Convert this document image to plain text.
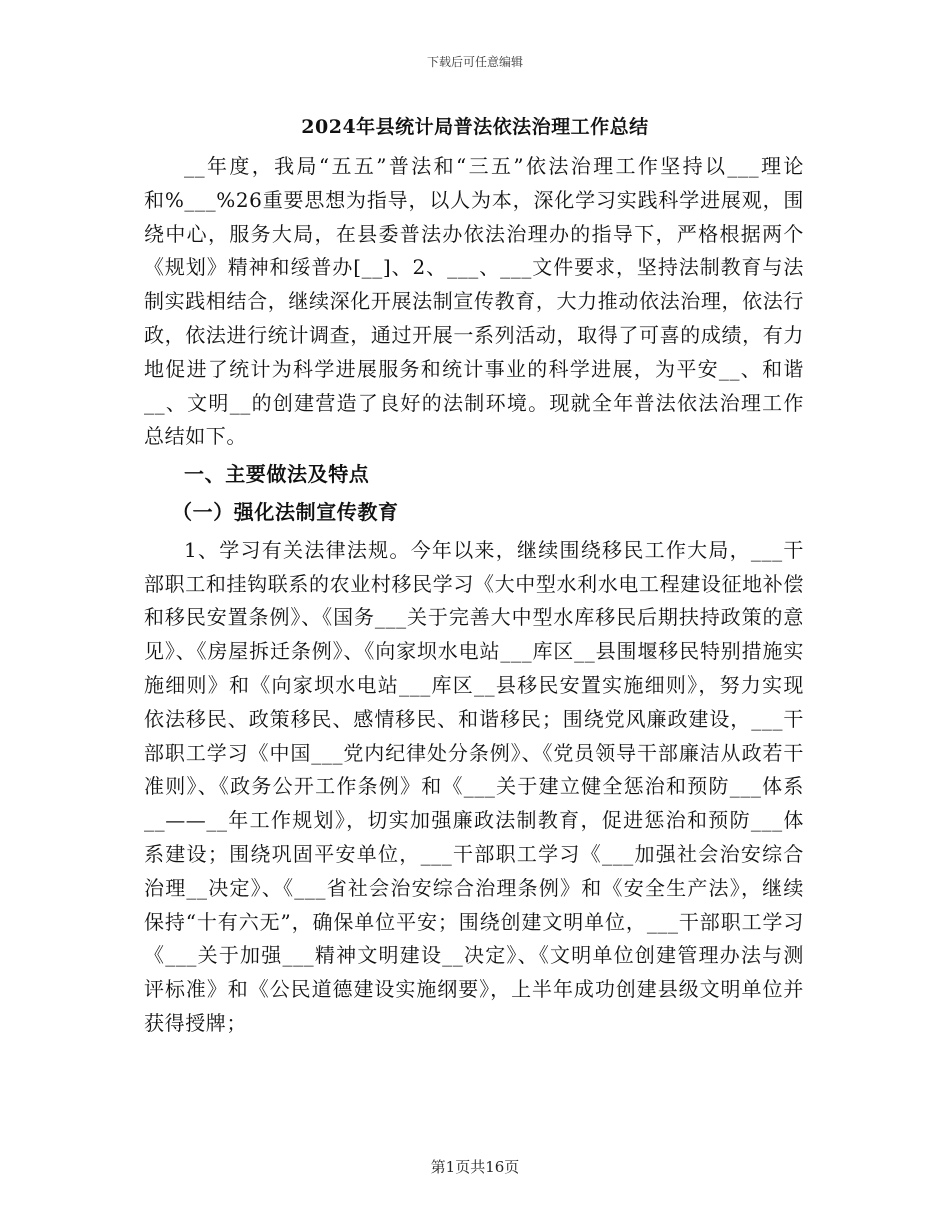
下载后可任意编辑
2024年县统计局普法依法治理工作总结

__年度，我局“五五”普法和“三五”依法治理工作坚持以___理论和%___%26重要思想为指导，以人为本，深化学习实践科学进展观，围绕中心，服务大局，在县委普法办依法治理办的指导下，严格根据两个《规划》精神和绥普办[__]、2、___、___文件要求，坚持法制教育与法制实践相结合，继续深化开展法制宣传教育，大力推动依法治理，依法行政，依法进行统计调查，通过开展一系列活动，取得了可喜的成绩，有力地促进了统计为科学进展服务和统计事业的科学进展，为平安__、和谐__、文明__的创建营造了良好的法制环境。现就全年普法依法治理工作总结如下。

一、主要做法及特点
（一）强化法制宣传教育

1、学习有关法律法规。今年以来，继续围绕移民工作大局，___干部职工和挂钩联系的农业村移民学习《大中型水利水电工程建设征地补偿和移民安置条例》、《国务___关于完善大中型水库移民后期扶持政策的意见》、《房屋拆迁条例》、《向家坝水电站___库区__县围堰移民特别措施实施细则》和《向家坝水电站___库区__县移民安置实施细则》，努力实现依法移民、政策移民、感情移民、和谐移民；围绕党风廉政建设，___干部职工学习《中国___党内纪律处分条例》、《党员领导干部廉洁从政若干准则》、《政务公开工作条例》和《___关于建立健全惩治和预防___体系__——__年工作规划》，切实加强廉政法制教育，促进惩治和预防___体系建设；围绕巩固平安单位，___干部职工学习《___加强社会治安综合治理__决定》、《___省社会治安综合治理条例》和《安全生产法》，继续保持“十有六无”，确保单位平安；围绕创建文明单位，___干部职工学习《___关于加强___精神文明建设__决定》、《文明单位创建管理办法与测评标准》和《公民道德建设实施纲要》，上半年成功创建县级文明单位并获得授牌；

第1页共16页
